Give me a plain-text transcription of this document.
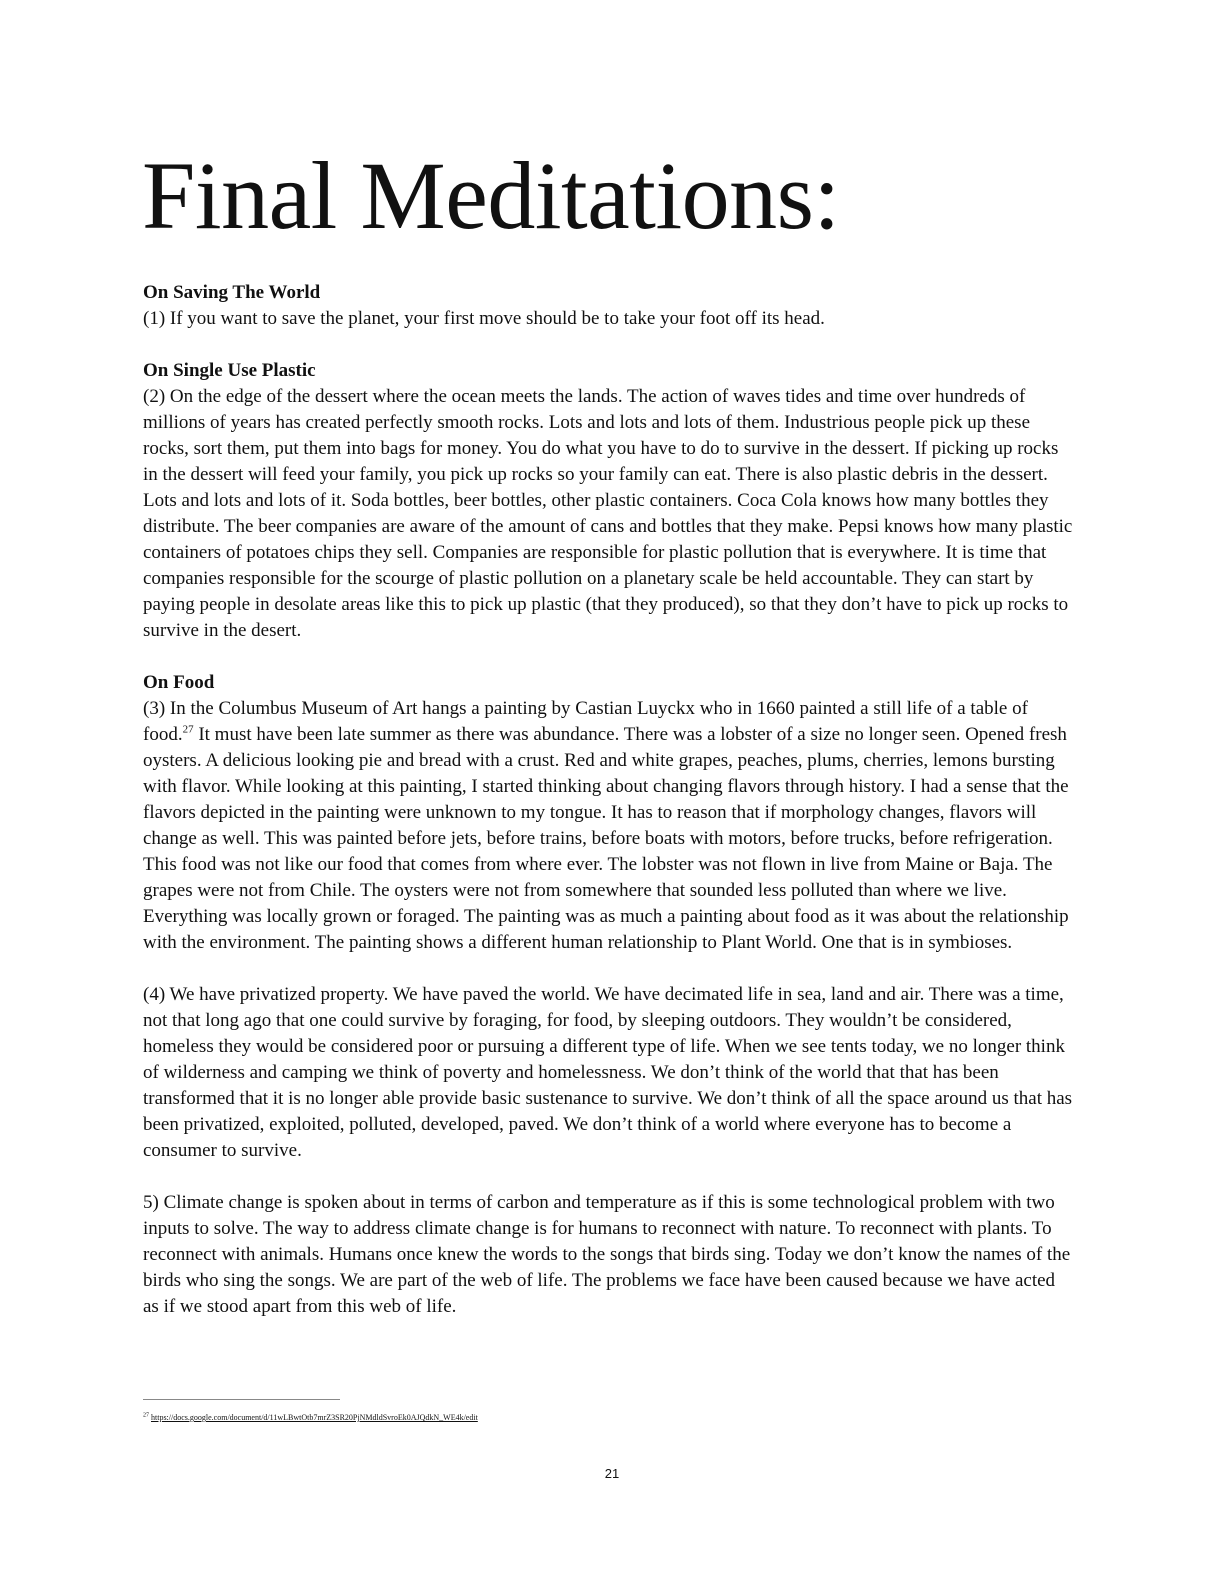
Final Meditations:

On Saving The World

(1) If you want to save the planet, your first move should be to take your foot off its head.

On Single Use Plastic

(2) On the edge of the dessert where the ocean meets the lands. The action of waves tides and time over hundreds of millions of years has created perfectly smooth rocks. Lots and lots and lots of them. Industrious people pick up these rocks, sort them, put them into bags for money. You do what you have to do to survive in the dessert. If picking up rocks in the dessert will feed your family, you pick up rocks so your family can eat. There is also plastic debris in the dessert. Lots and lots and lots of it. Soda bottles, beer bottles, other plastic containers. Coca Cola knows how many bottles they distribute. The beer companies are aware of the amount of cans and bottles that they make. Pepsi knows how many plastic containers of potatoes chips they sell. Companies are responsible for plastic pollution that is everywhere. It is time that companies responsible for the scourge of plastic pollution on a planetary scale be held accountable. They can start by paying people in desolate areas like this to pick up plastic (that they produced), so that they don’t have to pick up rocks to survive in the desert.

On Food

(3) In the Columbus Museum of Art hangs a painting by Castian Luyckx who in 1660 painted a still life of a table of food.$^{27}$ It must have been late summer as there was abundance. There was a lobster of a size no longer seen. Opened fresh oysters. A delicious looking pie and bread with a crust. Red and white grapes, peaches, plums, cherries, lemons bursting with flavor. While looking at this painting, I started thinking about changing flavors through history. I had a sense that the flavors depicted in the painting were unknown to my tongue. It has to reason that if morphology changes, flavors will change as well. This was painted before jets, before trains, before boats with motors, before trucks, before refrigeration. This food was not like our food that comes from where ever. The lobster was not flown in live from Maine or Baja. The grapes were not from Chile. The oysters were not from somewhere that sounded less polluted than where we live. Everything was locally grown or foraged. The painting was as much a painting about food as it was about the relationship with the environment. The painting shows a different human relationship to Plant World. One that is in symbioses.

(4) We have privatized property. We have paved the world. We have decimated life in sea, land and air. There was a time, not that long ago that one could survive by foraging, for food, by sleeping outdoors. They wouldn’t be considered, homeless they would be considered poor or pursuing a different type of life. When we see tents today, we no longer think of wilderness and camping we think of poverty and homelessness. We don’t think of the world that that has been transformed that it is no longer able provide basic sustenance to survive. We don’t think of all the space around us that has been privatized, exploited, polluted, developed, paved. We don’t think of a world where everyone has to become a consumer to survive.

5) Climate change is spoken about in terms of carbon and temperature as if this is some technological problem with two inputs to solve. The way to address climate change is for humans to reconnect with nature. To reconnect with plants. To reconnect with animals. Humans once knew the words to the songs that birds sing. Today we don’t know the names of the birds who sing the songs. We are part of the web of life. The problems we face have been caused because we have acted as if we stood apart from this web of life.

$^{27}$ https://docs.google.com/document/d/11wLBwtOtb7mrZ3SR20PjNMdldSvroEk0AJQdkN_WE4k/edit
21
